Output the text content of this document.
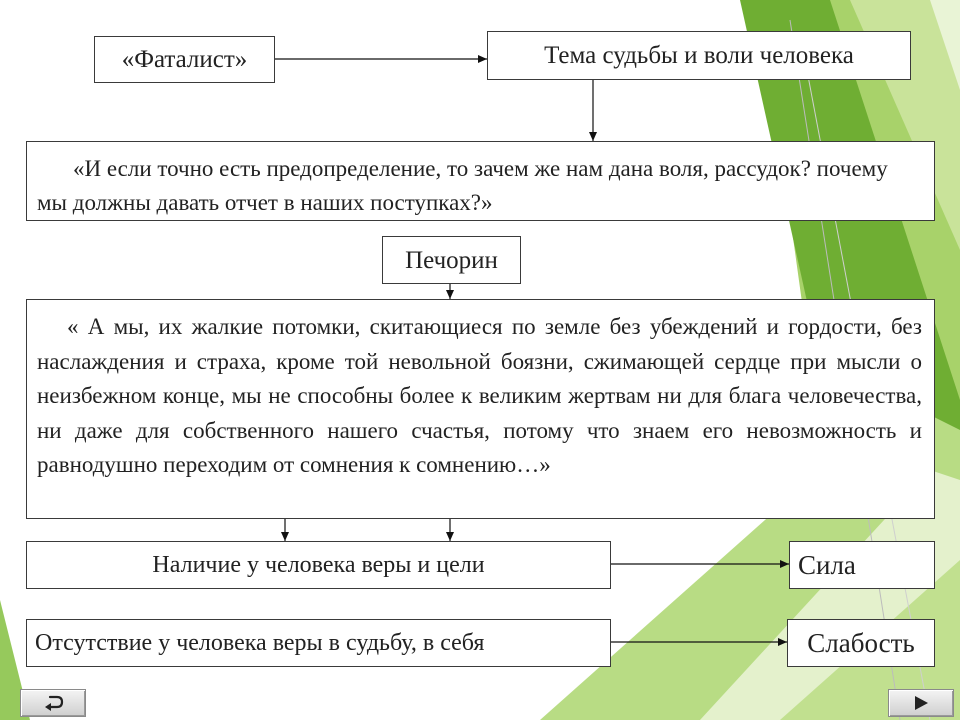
«Фаталист»	Тема судьбы и воли человека
«И если точно есть предопределение, то зачем же нам дана воля, рассудок? почему мы должны давать отчет в наших поступках?»
Печорин
« А мы, их жалкие потомки, скитающиеся по земле без убеждений и гордости, без наслаждения и страха, кроме той невольной боязни, сжимающей сердце при мысли о неизбежном конце, мы не способны более к великим жертвам ни для блага человечества, ни даже для собственного нашего счастья, потому что знаем его невозможность и равнодушно переходим от сомнения к сомнению…»
Наличие у человека веры и цели	Сила
Отсутствие у человека веры в судьбу, в себя	Слабость
